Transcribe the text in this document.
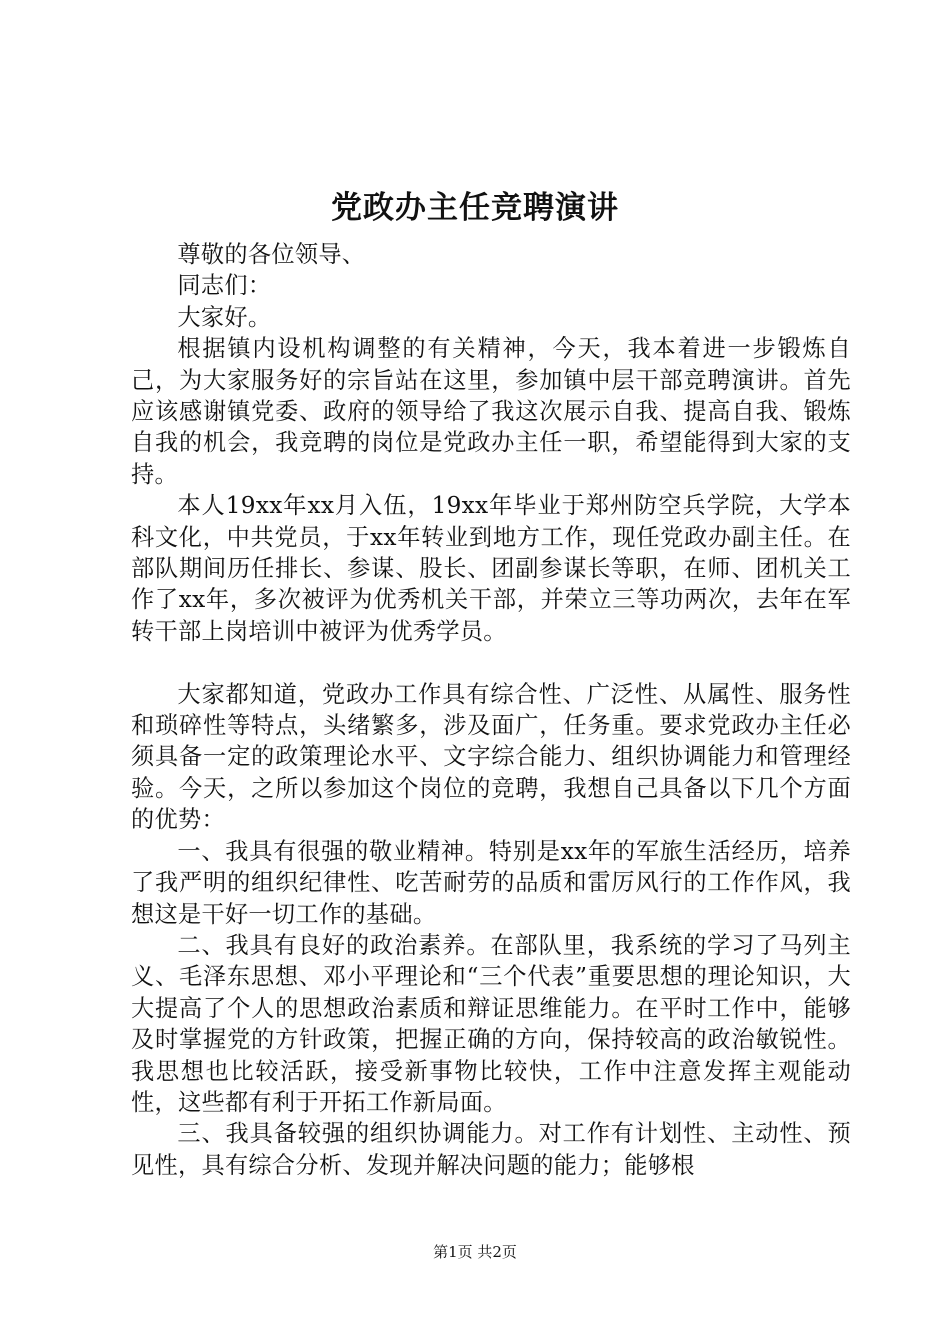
党政办主任竞聘演讲

尊敬的各位领导、

同志们：

大家好。

根据镇内设机构调整的有关精神，今天，我本着进一步锻炼自己，为大家服务好的宗旨站在这里，参加镇中层干部竞聘演讲。首先应该感谢镇党委、政府的领导给了我这次展示自我、提高自我、锻炼自我的机会，我竞聘的岗位是党政办主任一职，希望能得到大家的支持。

本人19xx年xx月入伍，19xx年毕业于郑州防空兵学院，大学本科文化，中共党员，于xx年转业到地方工作，现任党政办副主任。在部队期间历任排长、参谋、股长、团副参谋长等职，在师、团机关工作了xx年，多次被评为优秀机关干部，并荣立三等功两次，去年在军转干部上岗培训中被评为优秀学员。

大家都知道，党政办工作具有综合性、广泛性、从属性、服务性和琐碎性等特点，头绪繁多，涉及面广，任务重。要求党政办主任必须具备一定的政策理论水平、文字综合能力、组织协调能力和管理经验。今天，之所以参加这个岗位的竞聘，我想自己具备以下几个方面的优势：

一、我具有很强的敬业精神。特别是xx年的军旅生活经历，培养了我严明的组织纪律性、吃苦耐劳的品质和雷厉风行的工作作风，我想这是干好一切工作的基础。

二、我具有良好的政治素养。在部队里，我系统的学习了马列主义、毛泽东思想、邓小平理论和“三个代表”重要思想的理论知识，大大提高了个人的思想政治素质和辩证思维能力。在平时工作中，能够及时掌握党的方针政策，把握正确的方向，保持较高的政治敏锐性。我思想也比较活跃，接受新事物比较快，工作中注意发挥主观能动性，这些都有利于开拓工作新局面。

三、我具备较强的组织协调能力。对工作有计划性、主动性、预见性，具有综合分析、发现并解决问题的能力；能够根

第1页 共2页
